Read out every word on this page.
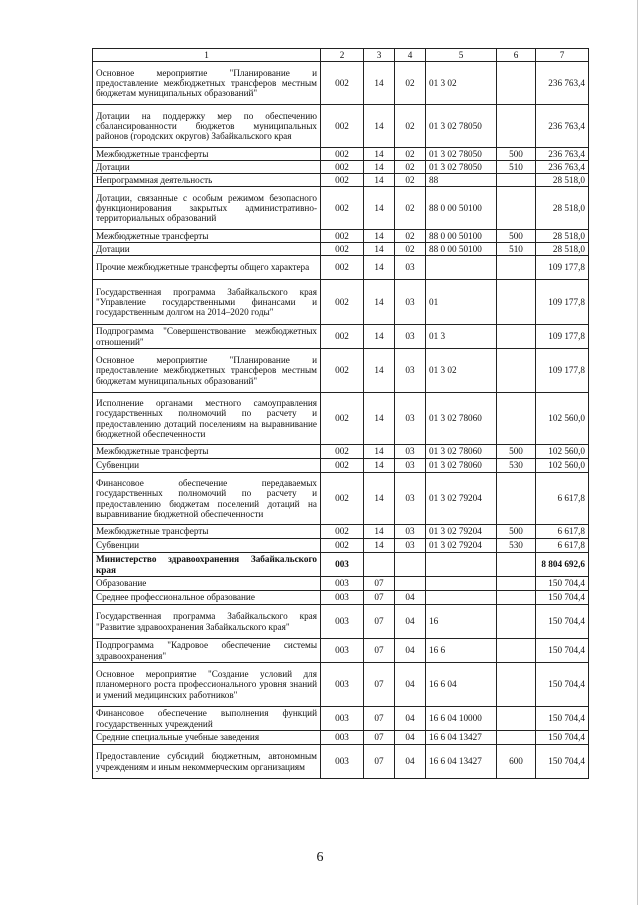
1	2	3	4	5	6	7
Основное мероприятие "Планирование и предоставление межбюджетных трансферов местным бюджетам муниципальных образований"	002	14	02	01 3 02		236 763,4
Дотации на поддержку мер по обеспечению сбалансированности бюджетов муниципальных районов (городских округов) Забайкальского края	002	14	02	01 3 02 78050		236 763,4
Межбюджетные трансферты	002	14	02	01 3 02 78050	500	236 763,4
Дотации	002	14	02	01 3 02 78050	510	236 763,4
Непрограммная деятельность	002	14	02	88		28 518,0
Дотации, связанные с особым режимом безопасного функционирования закрытых административно-территориальных образований	002	14	02	88 0 00 50100		28 518,0
Межбюджетные трансферты	002	14	02	88 0 00 50100	500	28 518,0
Дотации	002	14	02	88 0 00 50100	510	28 518,0
Прочие межбюджетные трансферты общего характера	002	14	03			109 177,8
Государственная программа Забайкальского края "Управление государственными финансами и государственным долгом на 2014–2020 годы"	002	14	03	01		109 177,8
Подпрограмма "Совершенствование межбюджетных отношений"	002	14	03	01 3		109 177,8
Основное мероприятие "Планирование и предоставление межбюджетных трансферов местным бюджетам муниципальных образований"	002	14	03	01 3 02		109 177,8
Исполнение органами местного самоуправления государственных полномочий по расчету и предоставлению дотаций поселениям на выравнивание бюджетной обеспеченности	002	14	03	01 3 02 78060		102 560,0
Межбюджетные трансферты	002	14	03	01 3 02 78060	500	102 560,0
Субвенции	002	14	03	01 3 02 78060	530	102 560,0
Финансовое обеспечение передаваемых государственных полномочий по расчету и предоставлению бюджетам поселений дотаций на выравнивание бюджетной обеспеченности	002	14	03	01 3 02 79204		6 617,8
Межбюджетные трансферты	002	14	03	01 3 02 79204	500	6 617,8
Субвенции	002	14	03	01 3 02 79204	530	6 617,8
Министерство здравоохранения Забайкальского края	003					8 804 692,6
Образование	003	07				150 704,4
Среднее профессиональное образование	003	07	04			150 704,4
Государственная программа Забайкальского края "Развитие здравоохранения Забайкальского края"	003	07	04	16		150 704,4
Подпрограмма "Кадровое обеспечение системы здравоохранения"	003	07	04	16 6		150 704,4
Основное мероприятие "Создание условий для планомерного роста профессионального уровня знаний и умений медицинских работников"	003	07	04	16 6 04		150 704,4
Финансовое обеспечение выполнения функций государственных учреждений	003	07	04	16 6 04 10000		150 704,4
Средние специальные учебные заведения	003	07	04	16 6 04 13427		150 704,4
Предоставление субсидий бюджетным, автономным учреждениям и иным некоммерческим организациям	003	07	04	16 6 04 13427	600	150 704,4
6
